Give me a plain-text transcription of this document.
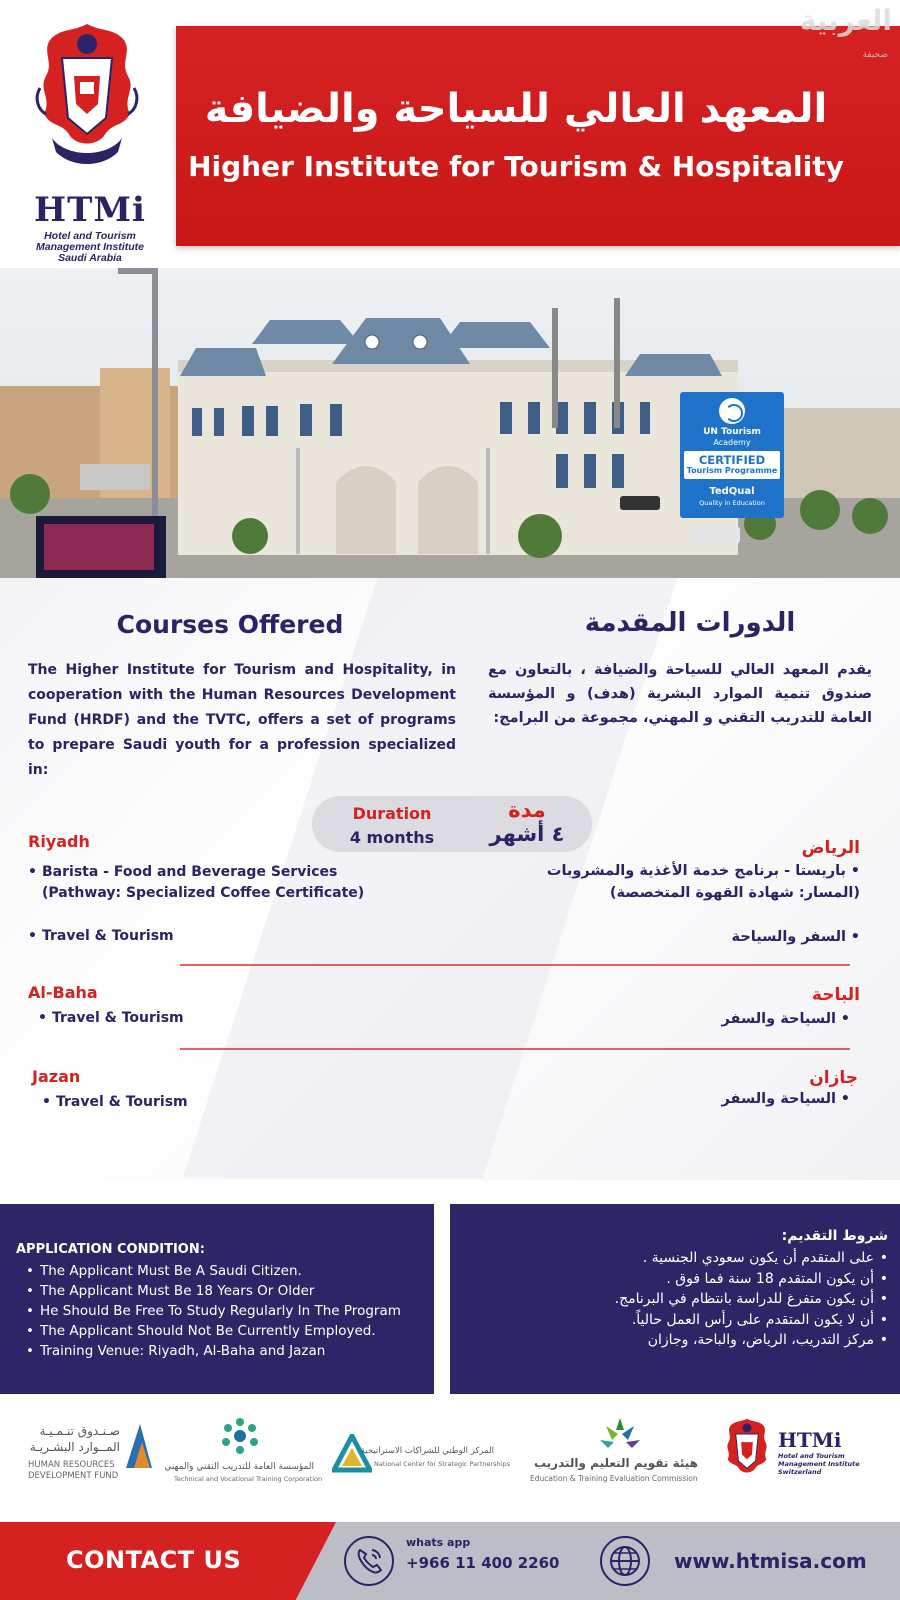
HTMi
Hotel and Tourism
Management Institute
Saudi Arabia
المعهد العالي للسياحة والضيافة
Higher Institute for Tourism & Hospitality
العربية
صحيفة
UN Tourism
Academy
CERTIFIED
Tourism Programme
TedQual
Quality in Education
Courses Offered	الدورات المقدمة
The Higher Institute for Tourism and Hospitality, in cooperation with the Human Resources Development Fund (HRDF) and the TVTC, offers a set of programs to prepare Saudi youth for a profession specialized in:
يقدم المعهد العالي للسياحة والضيافة ، بالتعاون مع صندوق تنمية الموارد البشرية (هدف) و المؤسسة العامة للتدريب التقني و المهني، مجموعة من البرامج:
Duration
4 months
مدة
٤ أشهر
Riyadh	الرياض
• Barista - Food and Beverage Services
(Pathway: Specialized Coffee Certificate)
•باريستا - برنامج خدمة الأغذية والمشروبات
(المسار: شهادة القهوة المتخصصة)
• Travel & Tourism	•السفر والسياحة
Al-Baha	الباحة
• Travel & Tourism	•السياحة والسفر
Jazan	جازان
• Travel & Tourism	•السياحة والسفر
APPLICATION CONDITION:
• The Applicant Must Be A Saudi Citizen.
• The Applicant Must Be 18 Years Or Older
• He Should Be Free To Study Regularly In The Program
• The Applicant Should Not Be Currently Employed.
• Training Venue: Riyadh, Al-Baha and Jazan
شروط التقديم:
• على المتقدم أن يكون سعودي الجنسية .
• أن يكون المتقدم 18 سنة فما فوق .
• أن يكون متفرغ للدراسة بانتظام في البرنامج.
• أن لا يكون المتقدم على رأس العمل حالياً.
• مركز التدريب، الرياض، والباحة، وجازان
صـنـدوق تنـمـيـة
المــوارد البشـريـة
HUMAN RESOURCES
DEVELOPMENT FUND
المؤسسة العامة للتدريب التقني والمهني
Technical and Vocational Training Corporation
المركز الوطني للشراكات الاستراتيجية
National Center for Strategic Partnerships هيئة تقويم التعليم والتدريب
Education & Training Evaluation Commission
HTMi
Hotel and Tourism
Management Institute
Switzerland
CONTACT US
whats app
+966 11 400 2260	www.htmisa.com
